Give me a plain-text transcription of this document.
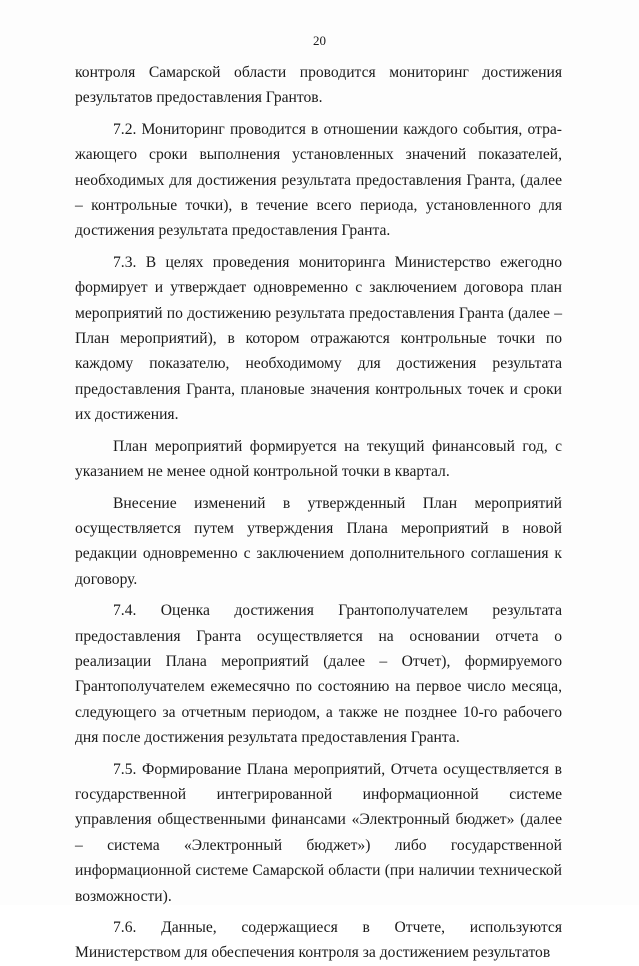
20

контроля Самарской области проводится мониторинг достижения результатов предоставления Грантов.

7.2. Мониторинг проводится в отношении каждого события, отражающего сроки выполнения установленных значений показателей, необходимых для достижения результата предоставления Гранта, (далее – контрольные точки), в течение всего периода, установленного для достижения результата предоставления Гранта.

7.3. В целях проведения мониторинга Министерство ежегодно формирует и утверждает одновременно с заключением договора план мероприятий по достижению результата предоставления Гранта (далее – План мероприятий), в котором отражаются контрольные точки по каждому показателю, необходимому для достижения результата предоставления Гранта, плановые значения контрольных точек и сроки их достижения.

План мероприятий формируется на текущий финансовый год, с указанием не менее одной контрольной точки в квартал.

Внесение изменений в утвержденный План мероприятий осуществляется путем утверждения Плана мероприятий в новой редакции одновременно с заключением дополнительного соглашения к договору.

7.4. Оценка достижения Грантополучателем результата предоставления Гранта осуществляется на основании отчета о реализации Плана мероприятий (далее – Отчет), формируемого Грантополучателем ежемесячно по состоянию на первое число месяца, следующего за отчетным периодом, а также не позднее 10-го рабочего дня после достижения результата предоставления Гранта.

7.5. Формирование Плана мероприятий, Отчета осуществляется в государственной интегрированной информационной системе управления общественными финансами «Электронный бюджет» (далее – система «Электронный бюджет») либо государственной информационной системе Самарской области (при наличии технической возможности).

7.6. Данные, содержащиеся в Отчете, используются Министерством для обеспечения контроля за достижением результатов
